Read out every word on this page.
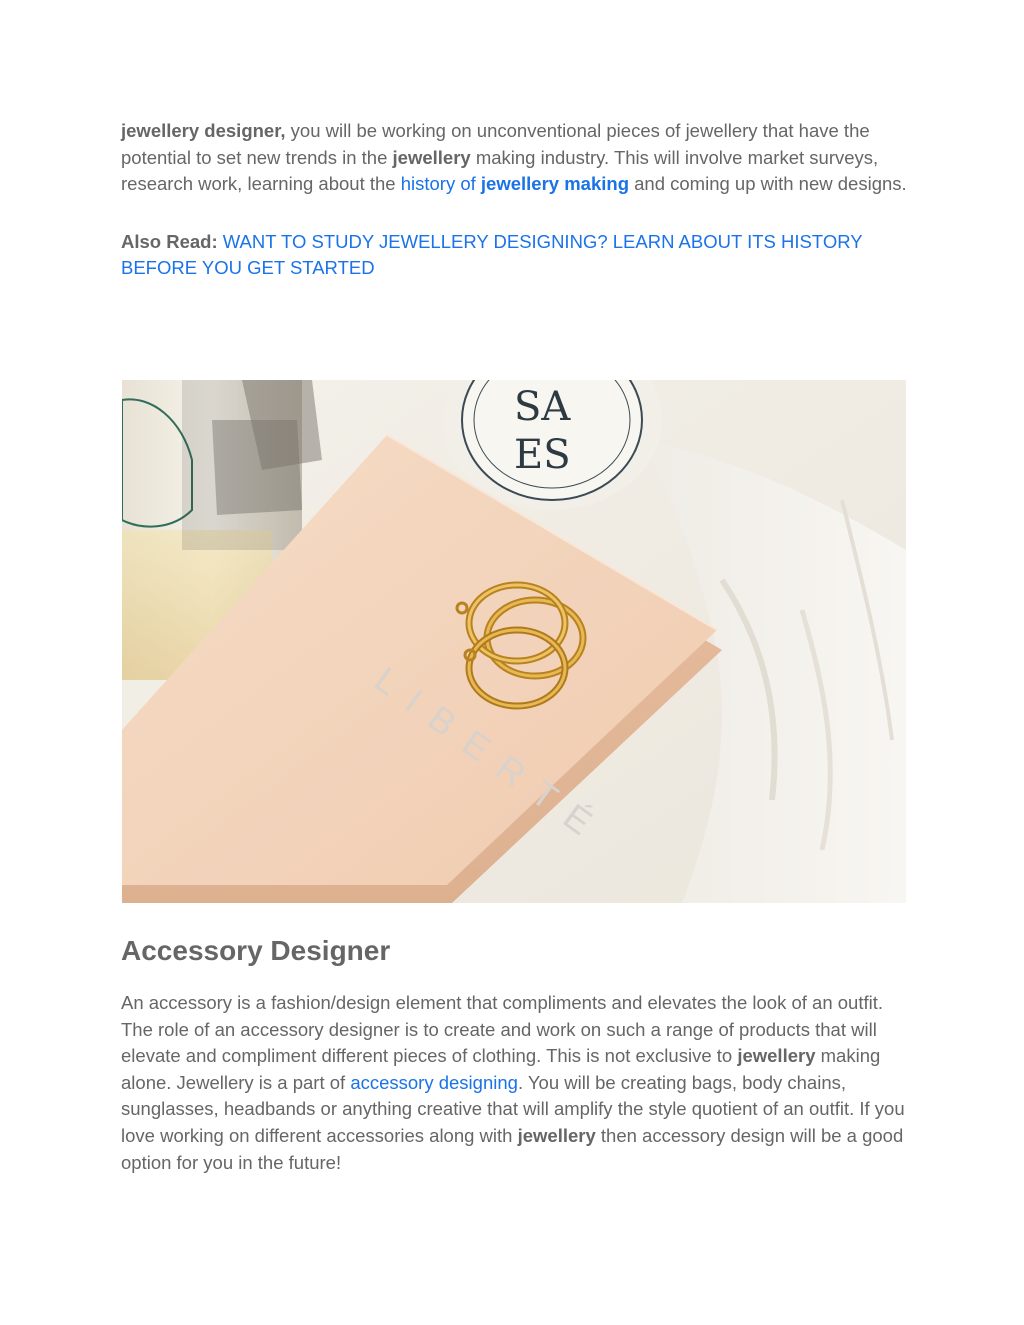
jewellery designer, you will be working on unconventional pieces of jewellery that have the potential to set new trends in the jewellery making industry. This will involve market surveys, research work, learning about the history of jewellery making and coming up with new designs.

Also Read: WANT TO STUDY JEWELLERY DESIGNING? LEARN ABOUT ITS HISTORY BEFORE YOU GET STARTED

SA
ES
LIBERTÉ
Accessory Designer

An accessory is a fashion/design element that compliments and elevates the look of an outfit. The role of an accessory designer is to create and work on such a range of products that will elevate and compliment different pieces of clothing. This is not exclusive to jewellery making alone. Jewellery is a part of accessory designing. You will be creating bags, body chains, sunglasses, headbands or anything creative that will amplify the style quotient of an outfit. If you love working on different accessories along with jewellery then accessory design will be a good option for you in the future!
